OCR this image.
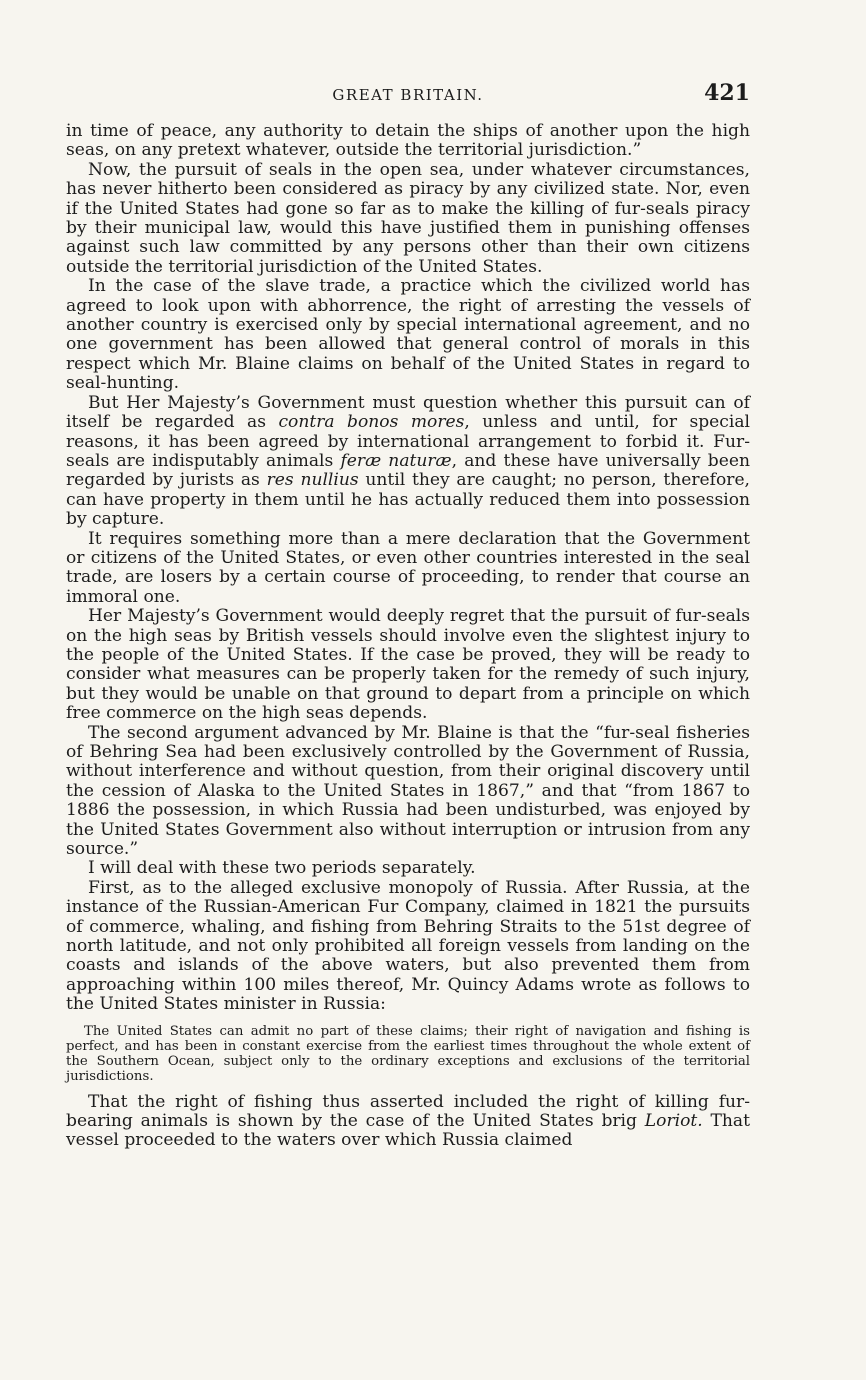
GREAT BRITAIN.	421

in time of peace, any authority to detain the ships of another upon the high seas, on any pretext whatever, outside the territorial jurisdiction.”

Now, the pursuit of seals in the open sea, under whatever circumstances, has never hitherto been considered as piracy by any civilized state. Nor, even if the United States had gone so far as to make the killing of fur-seals piracy by their municipal law, would this have justified them in punishing offenses against such law committed by any persons other than their own citizens outside the territorial jurisdiction of the United States.

In the case of the slave trade, a practice which the civilized world has agreed to look upon with abhorrence, the right of arresting the vessels of another country is exercised only by special international agreement, and no one government has been allowed that general control of morals in this respect which Mr. Blaine claims on behalf of the United States in regard to seal-hunting.

But Her Majesty’s Government must question whether this pursuit can of itself be regarded as contra bonos mores, unless and until, for special reasons, it has been agreed by international arrangement to forbid it. Fur-seals are indisputably animals feræ naturæ, and these have universally been regarded by jurists as res nullius until they are caught; no person, therefore, can have property in them until he has actually reduced them into possession by capture.

It requires something more than a mere declaration that the Government or citizens of the United States, or even other countries interested in the seal trade, are losers by a certain course of proceeding, to render that course an immoral one.

Her Majesty’s Government would deeply regret that the pursuit of fur-seals on the high seas by British vessels should involve even the slightest injury to the people of the United States. If the case be proved, they will be ready to consider what measures can be properly taken for the remedy of such injury, but they would be unable on that ground to depart from a principle on which free commerce on the high seas depends.

The second argument advanced by Mr. Blaine is that the “fur-seal fisheries of Behring Sea had been exclusively controlled by the Government of Russia, without interference and without question, from their original discovery until the cession of Alaska to the United States in 1867,” and that “from 1867 to 1886 the possession, in which Russia had been undisturbed, was enjoyed by the United States Government also without interruption or intrusion from any source.”

I will deal with these two periods separately.

First, as to the alleged exclusive monopoly of Russia. After Russia, at the instance of the Russian-American Fur Company, claimed in 1821 the pursuits of commerce, whaling, and fishing from Behring Straits to the 51st degree of north latitude, and not only prohibited all foreign vessels from landing on the coasts and islands of the above waters, but also prevented them from approaching within 100 miles thereof, Mr. Quincy Adams wrote as follows to the United States minister in Russia:

The United States can admit no part of these claims; their right of navigation and fishing is perfect, and has been in constant exercise from the earliest times throughout the whole extent of the Southern Ocean, subject only to the ordinary exceptions and exclusions of the territorial jurisdictions.

That the right of fishing thus asserted included the right of killing fur-bearing animals is shown by the case of the United States brig Loriot. That vessel proceeded to the waters over which Russia claimed
